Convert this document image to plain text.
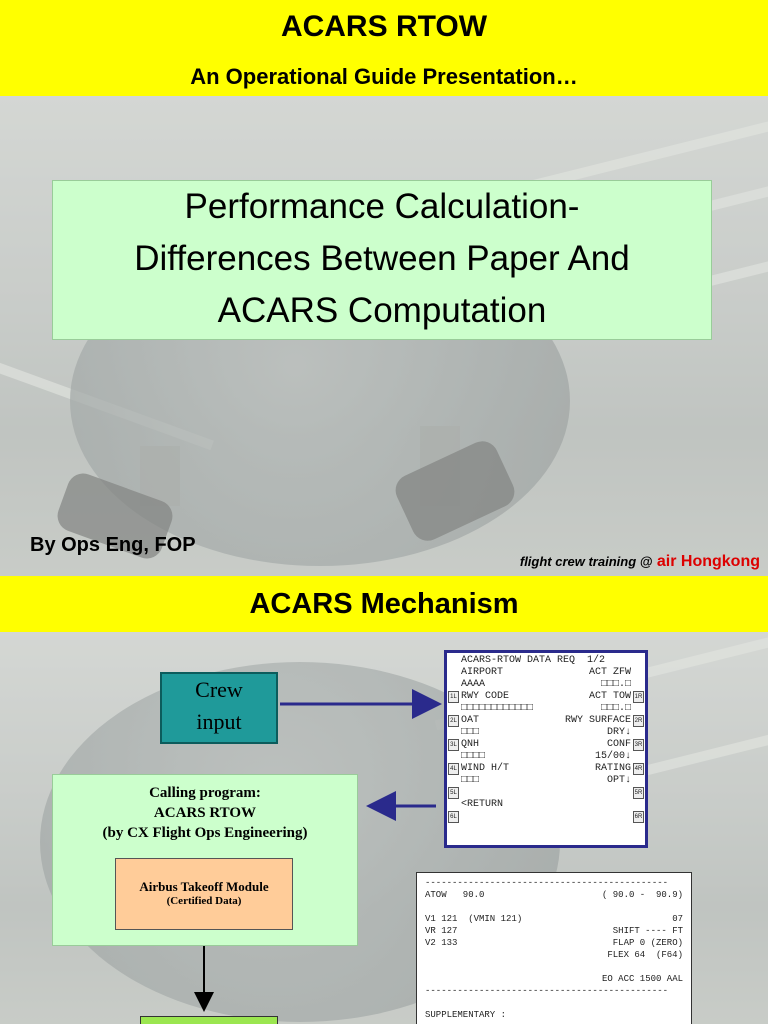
ACARS RTOW
An Operational Guide Presentation…
Performance Calculation-
Differences Between Paper And
ACARS Computation
By Ops Eng, FOP
flight crew training @ air Hongkong
ACARS Mechanism
Crew
input
Calling program:
ACARS RTOW
(by CX Flight Ops Engineering)
Airbus Takeoff Module
(Certified Data)
ACARS-RTOW DATA REQ  1/2
AIRPORT	ACT ZFW
AAAA	□□□.□
RWY CODE	ACT TOW
□□□□□□□□□□□□	□□□.□
OAT	RWY SURFACE
□□□	DRY↓
QNH	CONF
□□□□	15/00↓
WIND H/T	RATING
□□□	OPT↓
<RETURN
1L
2L
3L
4L
5L
6L
1R
2R
3R
4R
5R
6R
---------------------------------------------
ATOW   90.0	( 90.0 -  90.9)
V1 121  (VMIN 121)	07
VR 127	SHIFT ---- FT
V2 133	FLAP 0 (ZERO)
FLEX 64  (F64)
EO ACC 1500 AAL
---------------------------------------------
SUPPLEMENTARY :
